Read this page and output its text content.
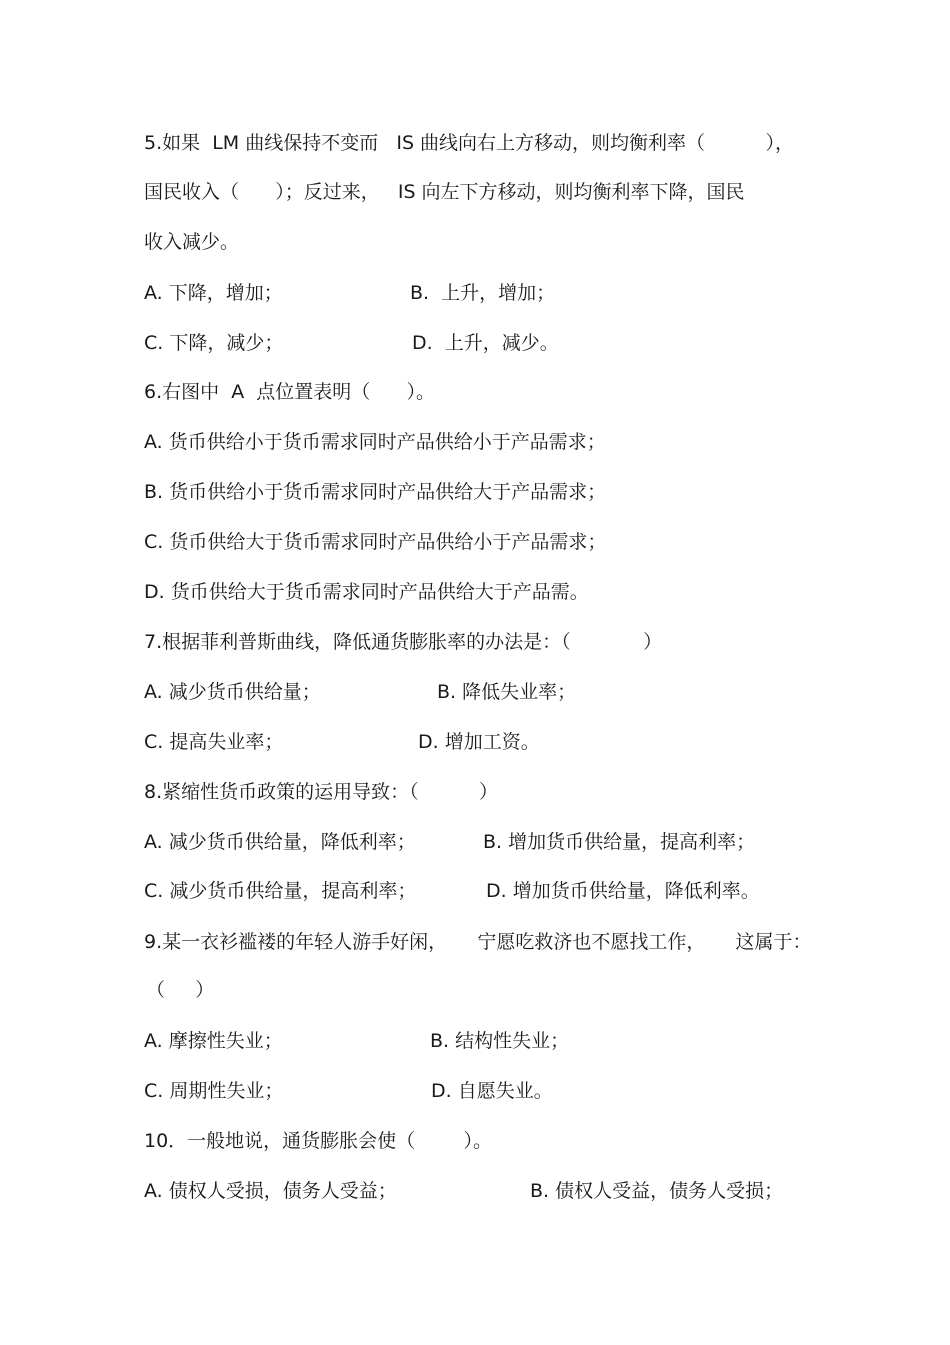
5.如果  LM 曲线保持不变而   IS 曲线向右上方移动，则均衡利率（          ），
国民收入（      ）；反过来，   IS 向左下方移动，则均衡利率下降，国民
收入减少。
A. 下降，增加；	B.  上升，增加；
C. 下降，减少；	D.  上升，减少。
6.右图中  A  点位置表明（      ）。
A. 货币供给小于货币需求同时产品供给小于产品需求；
B. 货币供给小于货币需求同时产品供给大于产品需求；
C. 货币供给大于货币需求同时产品供给小于产品需求；
D. 货币供给大于货币需求同时产品供给大于产品需。
7.根据菲利普斯曲线，降低通货膨胀率的办法是：（            ）
A. 减少货币供给量；	B. 降低失业率；
C. 提高失业率；	D. 增加工资。
8.紧缩性货币政策的运用导致：（          ）
A. 减少货币供给量，降低利率；	B. 增加货币供给量，提高利率；
C. 减少货币供给量，提高利率；	D. 增加货币供给量，降低利率。
9.某一衣衫褴褛的年轻人游手好闲，     宁愿吃救济也不愿找工作，     这属于：
（     ）
A. 摩擦性失业；	B. 结构性失业；
C. 周期性失业；	D. 自愿失业。
10．一般地说，通货膨胀会使（        ）。
A. 债权人受损，债务人受益；	B. 债权人受益，债务人受损；
